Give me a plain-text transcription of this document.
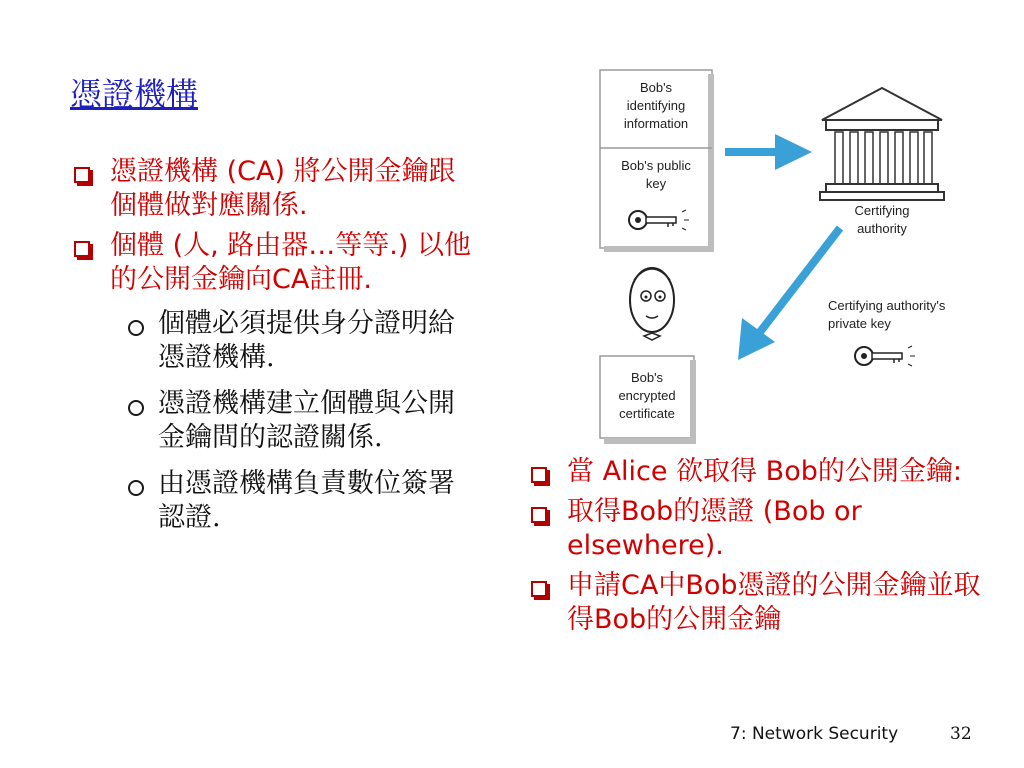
憑證機構
憑證機構 (CA) 將公開金鑰跟個體做對應關係.
個體 (人, 路由器…等等.) 以他的公開金鑰向CA註冊.
個體必須提供身分證明給憑證機構.
憑證機構建立個體與公開金鑰間的認證關係.
由憑證機構負責數位簽署認證.
Bob's
identifying
information
Bob's public
key
Certifying
authority
Certifying authority's
private key
Bob's
encrypted
certificate
當 Alice 欲取得 Bob的公開金鑰:
取得Bob的憑證 (Bob or elsewhere).
申請CA中Bob憑證的公開金鑰並取得Bob的公開金鑰
7: Network Security	32
